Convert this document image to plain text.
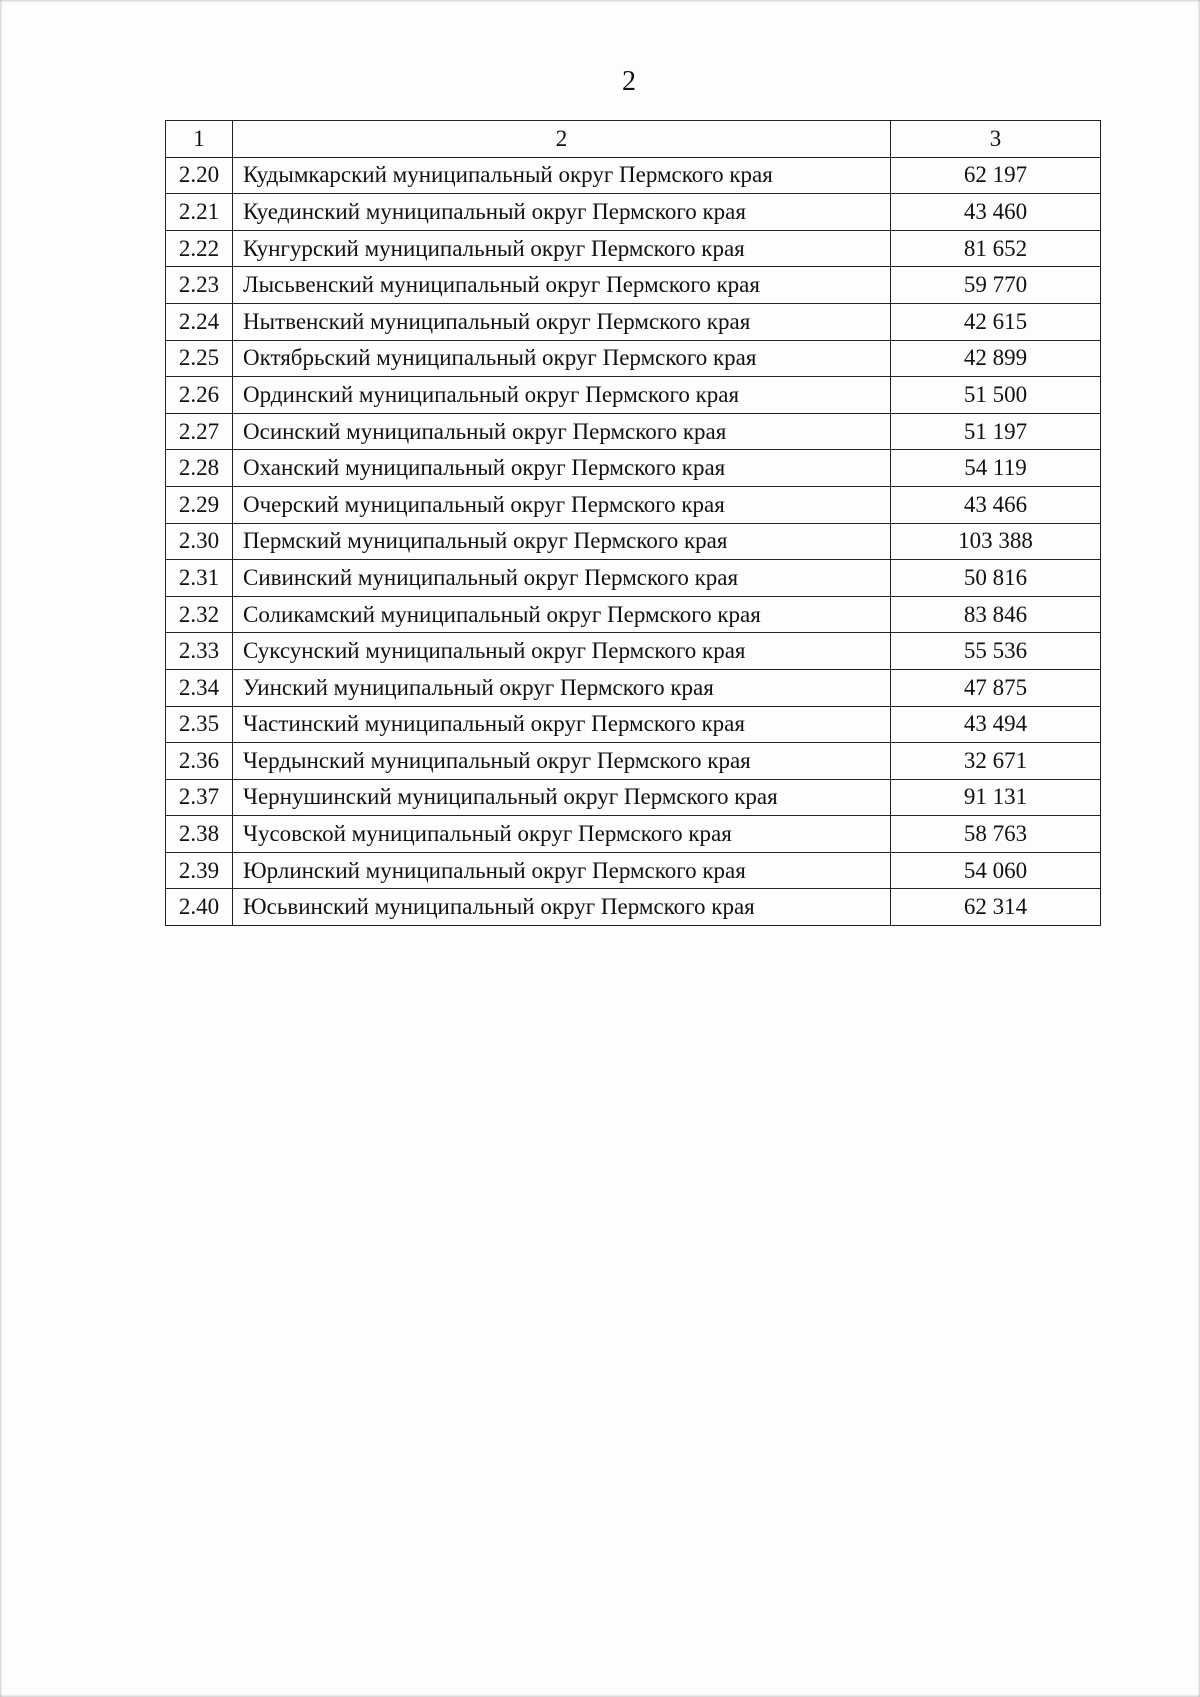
2
1	2	3
2.20	Кудымкарский муниципальный округ Пермского края	62 197
2.21	Куединский муниципальный округ Пермского края	43 460
2.22	Кунгурский муниципальный округ Пермского края	81 652
2.23	Лысьвенский муниципальный округ Пермского края	59 770
2.24	Нытвенский муниципальный округ Пермского края	42 615
2.25	Октябрьский муниципальный округ Пермского края	42 899
2.26	Ординский муниципальный округ Пермского края	51 500
2.27	Осинский муниципальный округ Пермского края	51 197
2.28	Оханский муниципальный округ Пермского края	54 119
2.29	Очерский муниципальный округ Пермского края	43 466
2.30	Пермский муниципальный округ Пермского края	103 388
2.31	Сивинский муниципальный округ Пермского края	50 816
2.32	Соликамский муниципальный округ Пермского края	83 846
2.33	Суксунский муниципальный округ Пермского края	55 536
2.34	Уинский муниципальный округ Пермского края	47 875
2.35	Частинский муниципальный округ Пермского края	43 494
2.36	Чердынский муниципальный округ Пермского края	32 671
2.37	Чернушинский муниципальный округ Пермского края	91 131
2.38	Чусовской муниципальный округ Пермского края	58 763
2.39	Юрлинский муниципальный округ Пермского края	54 060
2.40	Юсьвинский муниципальный округ Пермского края	62 314
